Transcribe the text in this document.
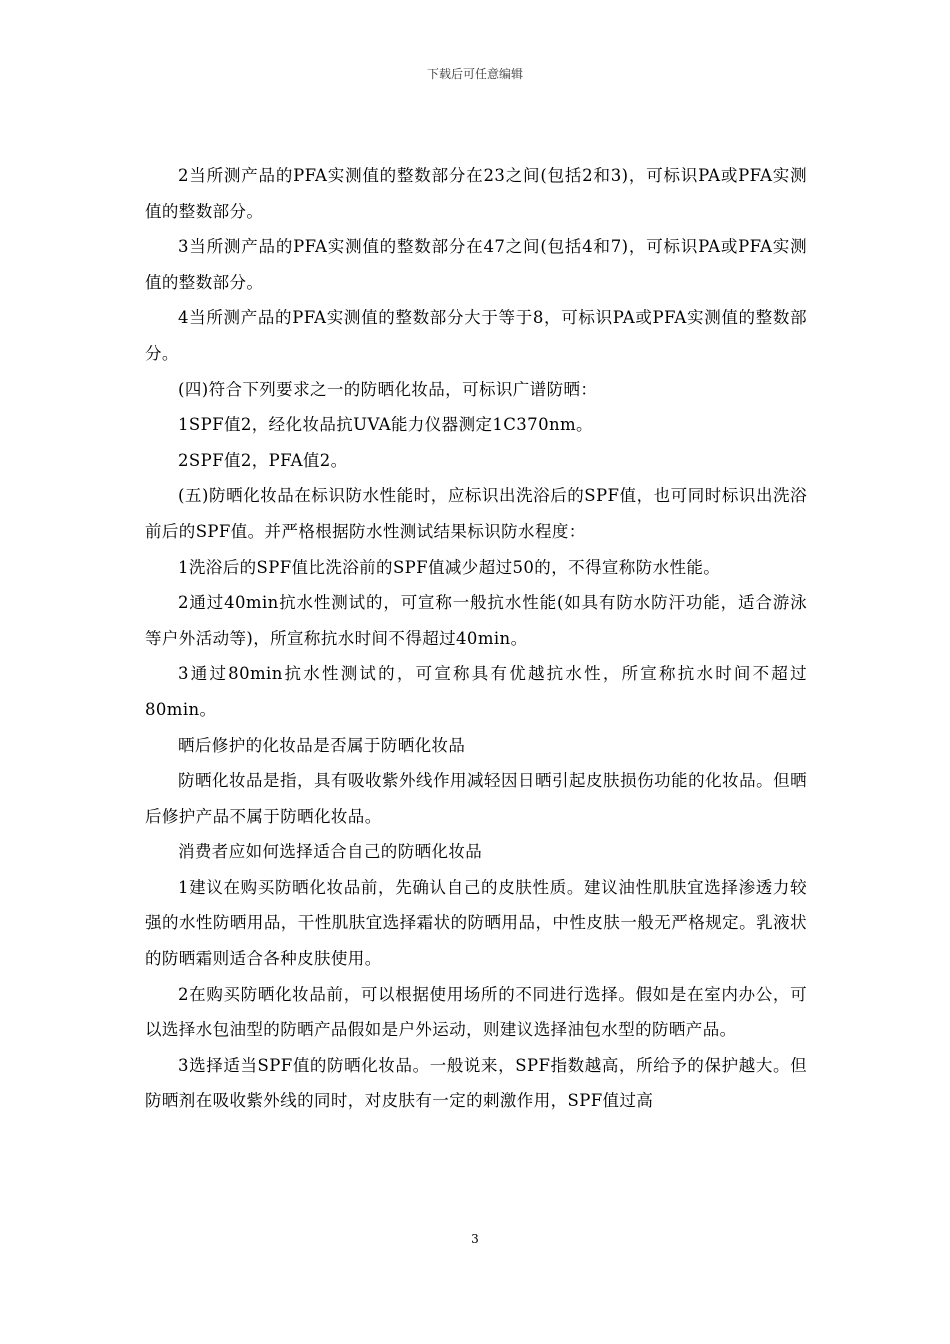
下载后可任意编辑

2当所测产品的PFA实测值的整数部分在23之间(包括2和3)，可标识PA或PFA实测值的整数部分。

3当所测产品的PFA实测值的整数部分在47之间(包括4和7)，可标识PA或PFA实测值的整数部分。

4当所测产品的PFA实测值的整数部分大于等于8，可标识PA或PFA实测值的整数部分。

(四)符合下列要求之一的防晒化妆品，可标识广谱防晒：

1SPF值2，经化妆品抗UVA能力仪器测定1C370nm。

2SPF值2，PFA值2。

(五)防晒化妆品在标识防水性能时，应标识出洗浴后的SPF值，也可同时标识出洗浴前后的SPF值。并严格根据防水性测试结果标识防水程度：

1洗浴后的SPF值比洗浴前的SPF值减少超过50的，不得宣称防水性能。

2通过40min抗水性测试的，可宣称一般抗水性能(如具有防水防汗功能，适合游泳等户外活动等)，所宣称抗水时间不得超过40min。

3通过80min抗水性测试的，可宣称具有优越抗水性，所宣称抗水时间不超过80min。

晒后修护的化妆品是否属于防晒化妆品

防晒化妆品是指，具有吸收紫外线作用减轻因日晒引起皮肤损伤功能的化妆品。但晒后修护产品不属于防晒化妆品。

消费者应如何选择适合自己的防晒化妆品

1建议在购买防晒化妆品前，先确认自己的皮肤性质。建议油性肌肤宜选择渗透力较强的水性防晒用品，干性肌肤宜选择霜状的防晒用品，中性皮肤一般无严格规定。乳液状的防晒霜则适合各种皮肤使用。

2在购买防晒化妆品前，可以根据使用场所的不同进行选择。假如是在室内办公，可以选择水包油型的防晒产品假如是户外运动，则建议选择油包水型的防晒产品。

3选择适当SPF值的防晒化妆品。一般说来，SPF指数越高，所给予的保护越大。但防晒剂在吸收紫外线的同时，对皮肤有一定的刺激作用，SPF值过高

3
